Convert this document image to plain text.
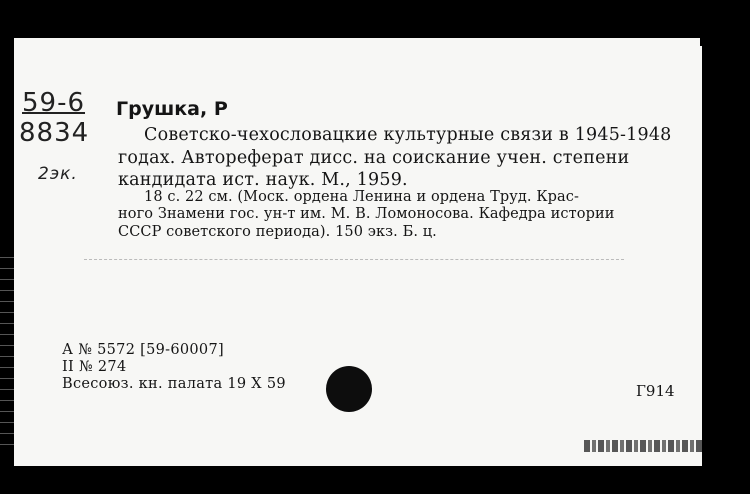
59-6
8834
2эк.
Грушка, Р
Советско-чехословацкие культурные связи в 1945-1948
годах. Автореферат дисс. на соискание учен. степени
кандидата ист. наук. М., 1959.
18 с. 22 см. (Моск. ордена Ленина и ордена Труд. Крас-
ного Знамени гос. ун-т им. М. В. Ломоносова. Кафедра истории
СССР советского периода). 150 экз. Б. ц.
А № 5572 [59-60007]
II № 274
Всесоюз. кн. палата 19 X 59	Г914
